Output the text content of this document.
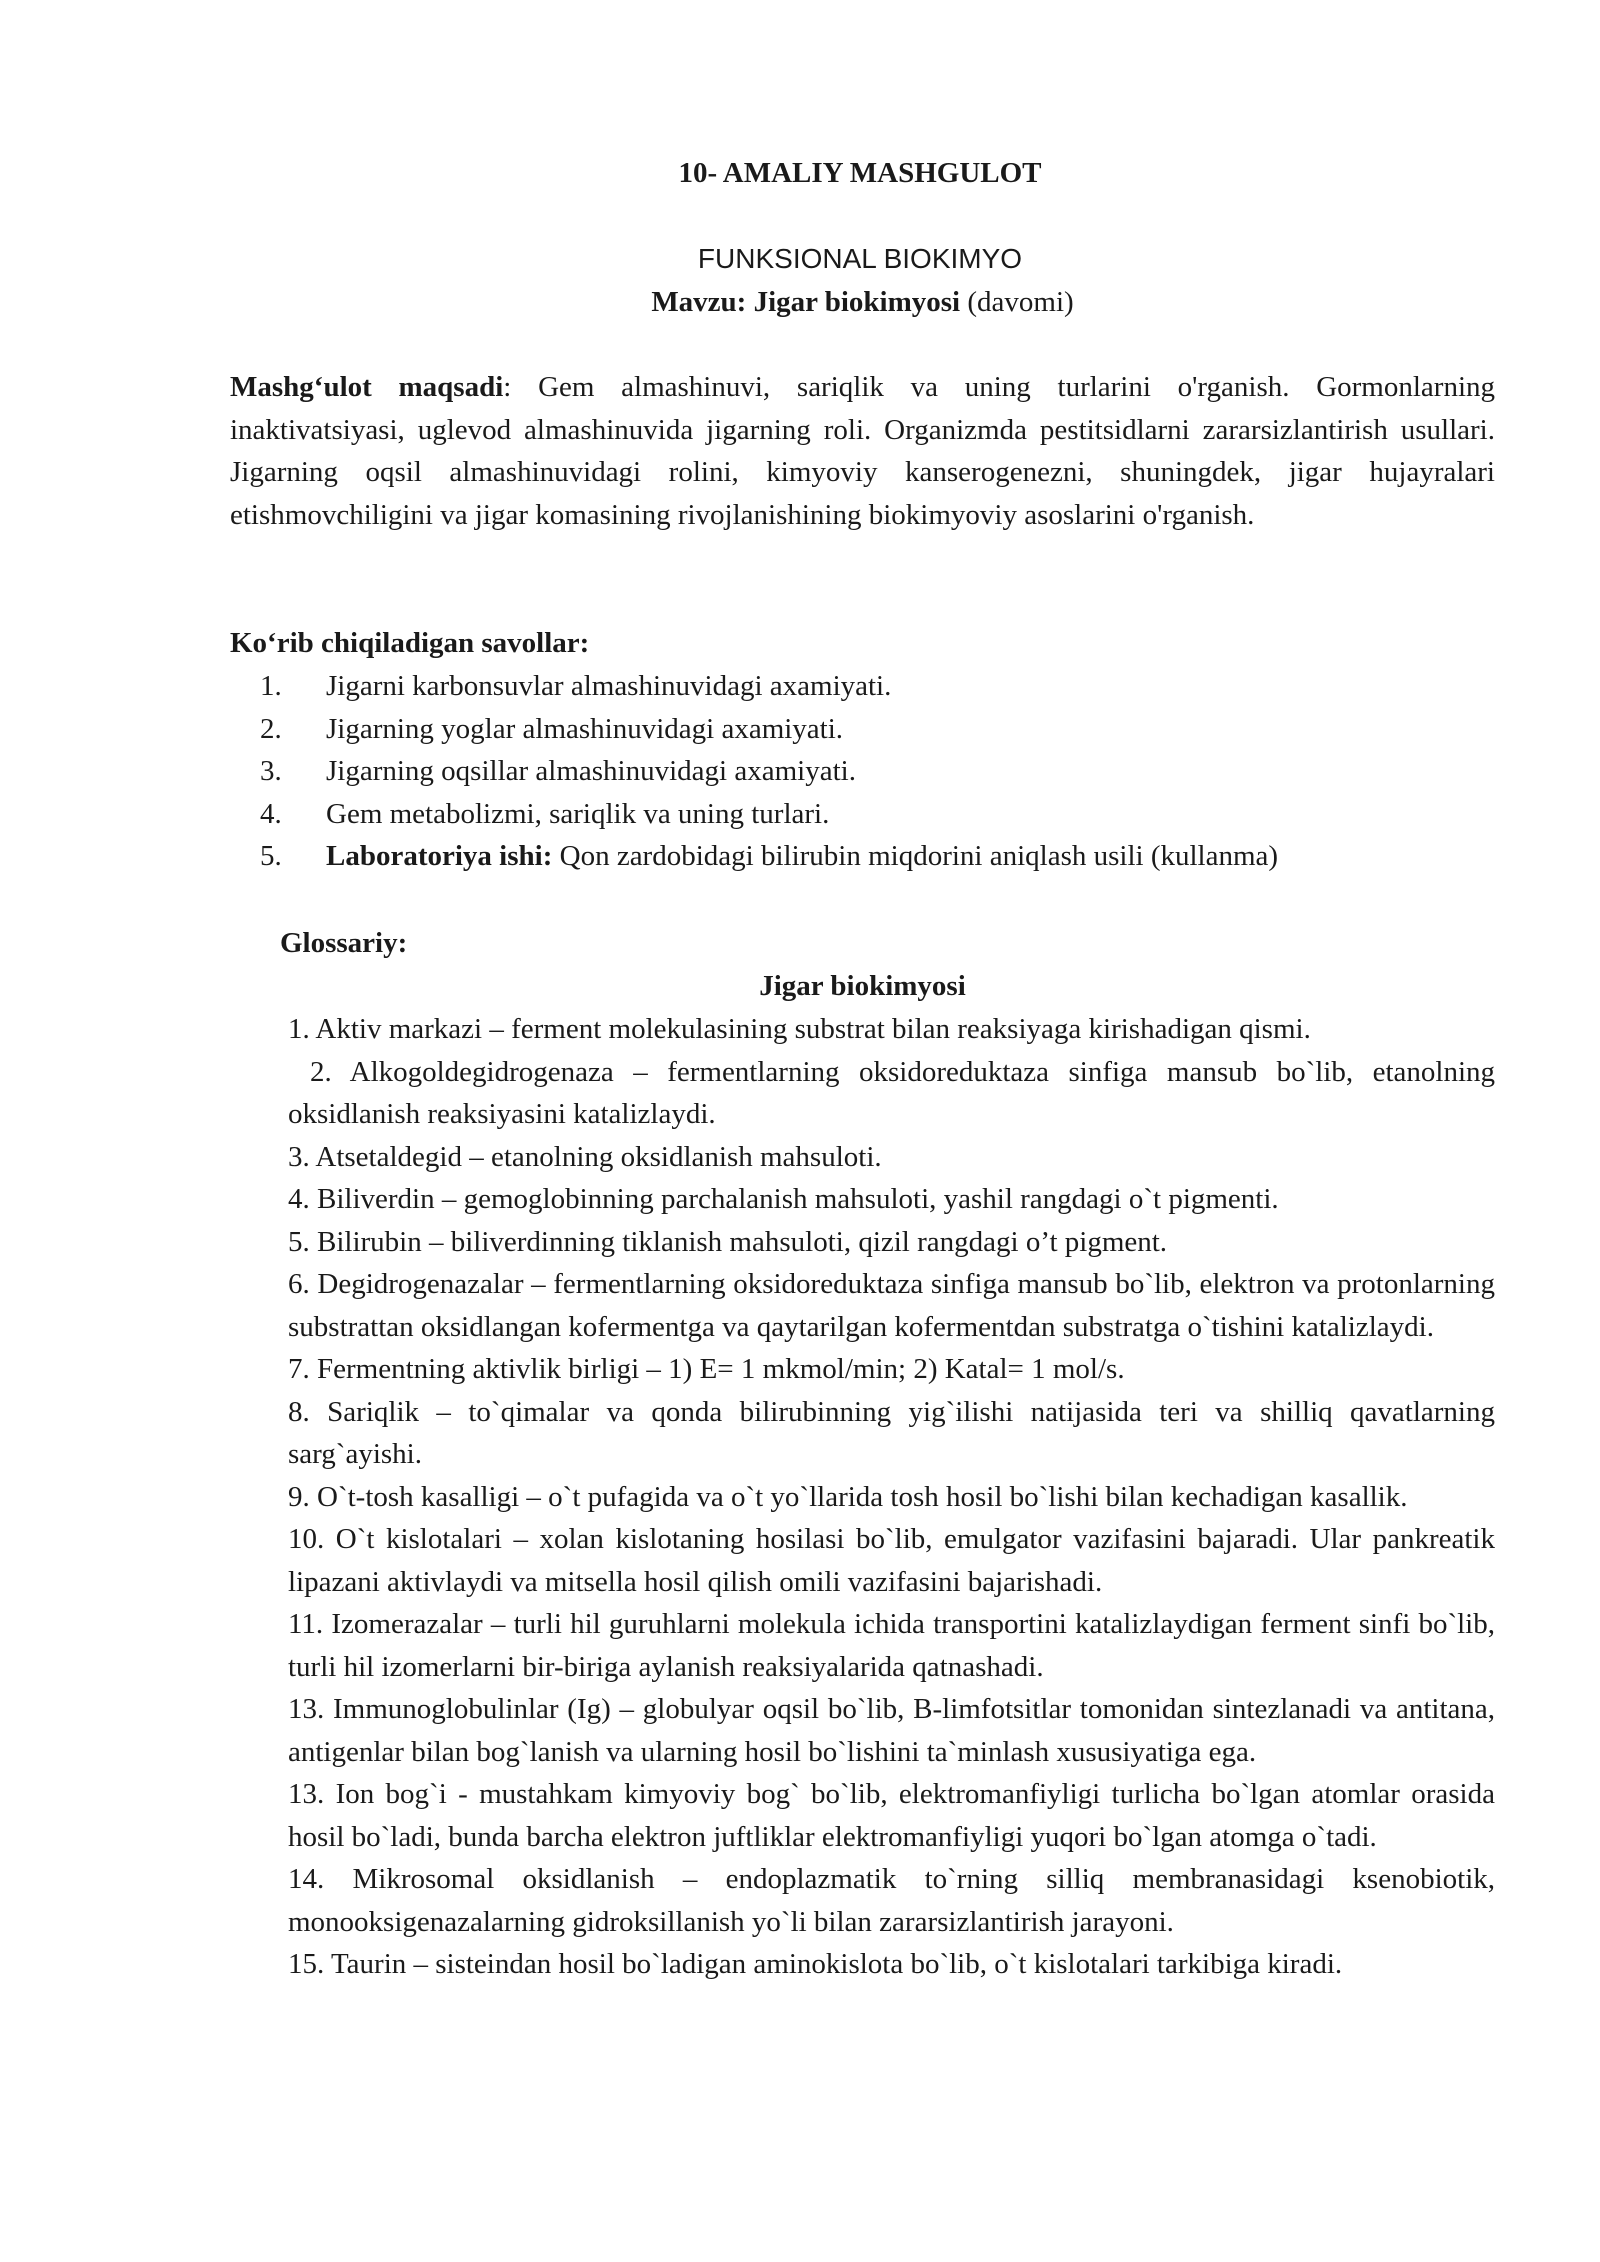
10- AMALIY MASHGULOT
FUNKSIONAL BIOKIMYO
Mavzu: Jigar biokimyosi (davomi)
Mashg‘ulot maqsadi: Gem almashinuvi, sariqlik va uning turlarini o'rganish. Gormonlarning inaktivatsiyasi, uglevod almashinuvida jigarning roli. Organizmda pestitsidlarni zararsizlantirish usullari. Jigarning oqsil almashinuvidagi rolini, kimyoviy kanserogenezni, shuningdek, jigar hujayralari etishmovchiligini va jigar komasining rivojlanishining biokimyoviy asoslarini o'rganish.
Ko‘rib chiqiladigan savollar:
1. Jigarni karbonsuvlar almashinuvidagi axamiyati.
2. Jigarning yoglar almashinuvidagi axamiyati.
3. Jigarning oqsillar almashinuvidagi axamiyati.
4. Gem metabolizmi, sariqlik va uning turlari.
5. Laboratoriya ishi: Qon zardobidagi bilirubin miqdorini aniqlash usili (kullanma)
Glossariy:
Jigar biokimyosi
1. Aktiv markazi – ferment molekulasining substrat bilan reaksiyaga kirishadigan qismi.
2. Alkogoldegidrogenaza – fermentlarning oksidoreduktaza sinfiga mansub bo`lib, etanolning oksidlanish reaksiyasini katalizlaydi.
3. Atsetaldegid – etanolning oksidlanish mahsuloti.
4. Biliverdin – gemoglobinning parchalanish mahsuloti, yashil rangdagi o`t pigmenti.
5. Bilirubin – biliverdinning tiklanish mahsuloti, qizil rangdagi o’t pigment.
6. Degidrogenazalar – fermentlarning oksidoreduktaza sinfiga mansub bo`lib, elektron va protonlarning substrattan oksidlangan kofermentga va qaytarilgan kofermentdan substratga o`tishini katalizlaydi.
7. Fermentning aktivlik birligi – 1) E= 1 mkmol/min; 2) Katal= 1 mol/s.
8. Sariqlik – to`qimalar va qonda bilirubinning yig`ilishi natijasida teri va shilliq qavatlarning sarg`ayishi.
9. O`t-tosh kasalligi – o`t pufagida va o`t yo`llarida tosh hosil bo`lishi bilan kechadigan kasallik.
10. O`t kislotalari – xolan kislotaning hosilasi bo`lib, emulgator vazifasini bajaradi. Ular pankreatik lipazani aktivlaydi va mitsella hosil qilish omili vazifasini bajarishadi.
11. Izomerazalar – turli hil guruhlarni molekula ichida transportini katalizlaydigan ferment sinfi bo`lib, turli hil izomerlarni bir-biriga aylanish reaksiyalarida qatnashadi.
13. Immunoglobulinlar (Ig) – globulyar oqsil bo`lib, B-limfotsitlar tomonidan sintezlanadi va antitana, antigenlar bilan bog`lanish va ularning hosil bo`lishini ta`minlash xususiyatiga ega.
13. Ion bog`i - mustahkam kimyoviy bog` bo`lib, elektromanfiyligi turlicha bo`lgan atomlar orasida hosil bo`ladi, bunda barcha elektron juftliklar elektromanfiyligi yuqori bo`lgan atomga o`tadi.
14. Mikrosomal oksidlanish – endoplazmatik to`rning silliq membranasidagi ksenobiotik, monooksigenazalarning gidroksillanish yo`li bilan zararsizlantirish jarayoni.
15. Taurin – sisteindan hosil bo`ladigan aminokislota bo`lib, o`t kislotalari tarkibiga kiradi.
